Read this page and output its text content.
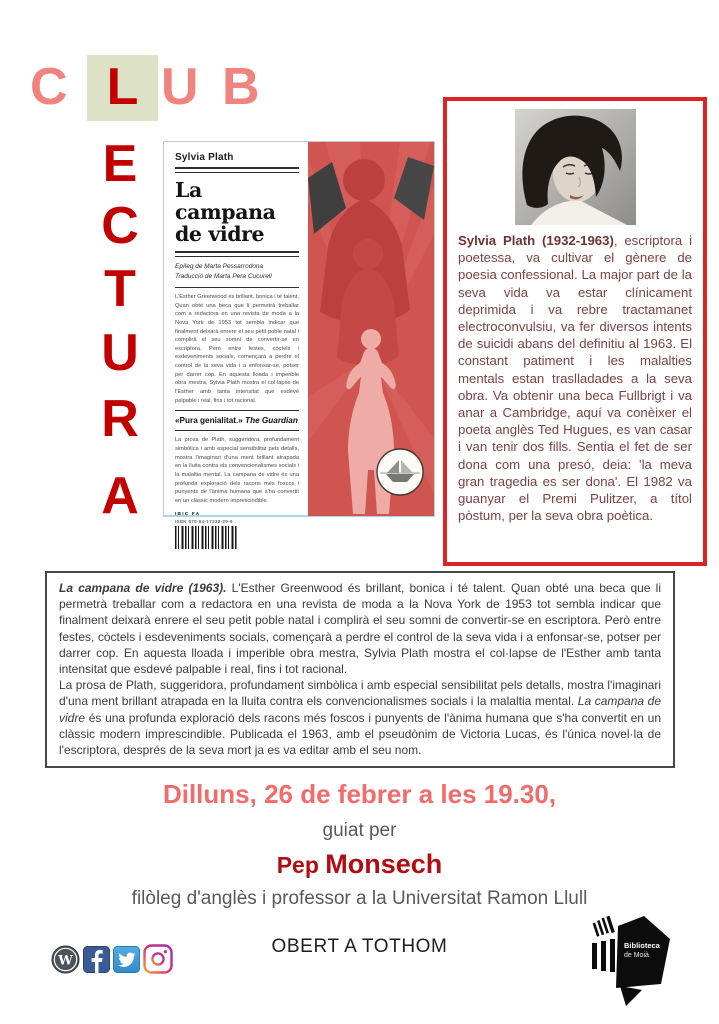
C L U B
E
C
T
U
R
A
Sylvia Plath
La campana de vidre
Epíleg de Marta Pessarrodona
Traducció de Marta Pera Cucurell
L'Esther Greenwood és brillant, bonica i té talent. Quan obté una beca que li permetrà treballar com a redactora en una revista de moda a la Nova York de 1953 tot sembla indicar que finalment deixarà enrere el seu petit poble natal i complirà el seu somni de convertir-se en escriptora. Però entre festes, còctels i esdeveniments socials, començarà a perdre el control de la seva vida i a enfonsar-se, potser per darrer cop. En aquesta lloada i imperible obra mestra, Sylvia Plath mostra el col·lapse de l'Esther amb tanta intensitat que esdevé palpable i real, fins i tot racional.
«Pura genialitat.» The Guardian
La prosa de Plath, suggeridora, profundament simbòlica i amb especial sensibilitat pels detalls, mostra l'imaginari d'una ment brillant atrapada en la lluita contra els convencionalismes socials i la malaltia mental. La campana de vidre és una profunda exploració dels racons més foscos i punyents de l'ànima humana que s'ha convertit en un clàssic modern imprescindible.
IBIC FA
ISBN 978-84-17339-29-9

Sylvia Plath (1932-1963), escriptora i poetessa, va cultivar el gènere de poesia confessional. La major part de la seva vida va estar clínicament deprimida i va rebre tractamanet electroconvulsiu, va fer diversos intents de suicidi abans del definitiu al 1963. El constant patiment i les malalties mentals estan traslladades a la seva obra. Va obtenir una beca Fullbrigt i va anar a Cambridge, aquí va conèixer el poeta anglès Ted Hugues, es van casar i van tenir dos fills. Sentia el fet de ser dona com una presó, deia: 'la meva gran tragedia es ser dona'. El 1982 va guanyar el Premi Pulitzer, a títol pòstum, per la seva obra poètica.

La campana de vidre (1963). L'Esther Greenwood és brillant, bonica i té talent. Quan obté una beca que li permetrà treballar com a redactora en una revista de moda a la Nova York de 1953 tot sembla indicar que finalment deixarà enrere el seu petit poble natal i complirà el seu somni de convertir-se en escriptora. Però entre festes, còctels i esdeveniments socials, començarà a perdre el control de la seva vida i a enfonsar-se, potser per darrer cop. En aquesta lloada i imperible obra mestra, Sylvia Plath mostra el col·lapse de l'Esther amb tanta intensitat que esdevé palpable i real, fins i tot racional.

La prosa de Plath, suggeridora, profundament simbòlica i amb especial sensibilitat pels detalls, mostra l'imaginari d'una ment brillant atrapada en la lluita contra els convencionalismes socials i la malaltia mental. La campana de vidre és una profunda exploració dels racons més foscos i punyents de l'ànima humana que s'ha convertit en un clàssic modern imprescindible. Publicada el 1963, amb el pseudònim de Victoria Lucas, és l'única novel·la de l'escriptora, després de la seva mort ja es va editar amb el seu nom.

Dilluns, 26 de febrer a les 19.30,
guiat per
Pep Monsech
filòleg d'anglès i professor a la Universitat Ramon Llull
W
OBERT A TOTHOM	Biblioteca
de Moià
